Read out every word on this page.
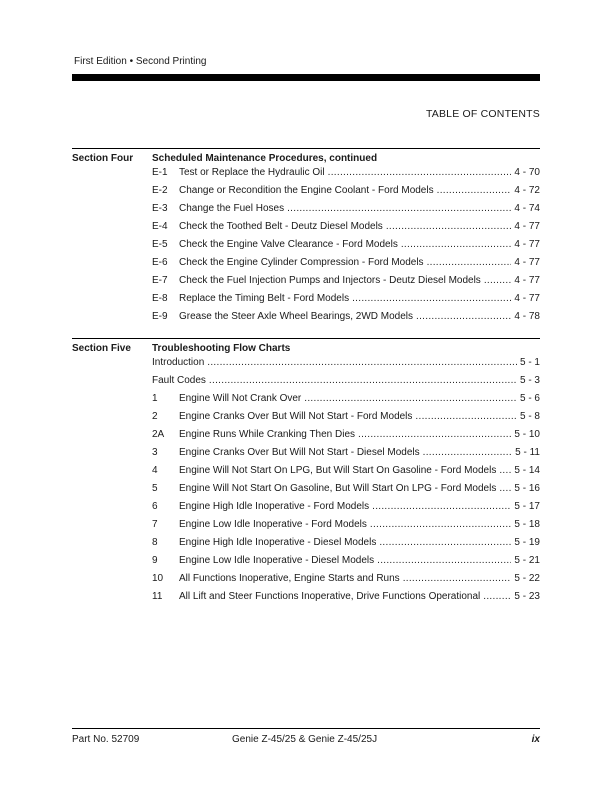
First Edition • Second Printing
TABLE OF CONTENTS
Section Four Scheduled Maintenance Procedures, continued
E-1	Test or Replace the Hydraulic Oil .....	4 - 70
E-2	Change or Recondition the Engine Coolant - Ford Models .....	4 - 72
E-3	Change the Fuel Hoses .....	4 - 74
E-4	Check the Toothed Belt - Deutz Diesel Models .....	4 - 77
E-5	Check the Engine Valve Clearance - Ford Models .....	4 - 77
E-6	Check the Engine Cylinder Compression - Ford Models .....	4 - 77
E-7	Check the Fuel Injection Pumps and Injectors - Deutz Diesel Models .....	4 - 77
E-8	Replace the Timing Belt - Ford Models .....	4 - 77
E-9	Grease the Steer Axle Wheel Bearings, 2WD Models .....	4 - 78
Section Five Troubleshooting Flow Charts
Introduction .....	5 - 1
Fault Codes .....	5 - 3
1	Engine Will Not Crank Over .....	5 - 6
2	Engine Cranks Over But Will Not Start - Ford Models .....	5 - 8
2A	Engine Runs While Cranking Then Dies .....	5 - 10
3	Engine Cranks Over But Will Not Start - Diesel Models .....	5 - 11
4	Engine Will Not Start On LPG, But Will Start On Gasoline - Ford Models ..... 5 - 14
5	Engine Will Not Start On Gasoline, But Will Start On LPG - Ford Models ..... 5 - 16
6	Engine High Idle Inoperative - Ford Models .....	5 - 17
7	Engine Low Idle Inoperative - Ford Models .....	5 - 18
8	Engine High Idle Inoperative - Diesel Models .....	5 - 19
9	Engine Low Idle Inoperative - Diesel Models .....	5 - 21
10	All Functions Inoperative, Engine Starts and Runs .....	5 - 22
11	All Lift and Steer Functions Inoperative, Drive Functions Operational .....	5 - 23
Part No. 52709	Genie Z-45/25 & Genie Z-45/25J	ix
